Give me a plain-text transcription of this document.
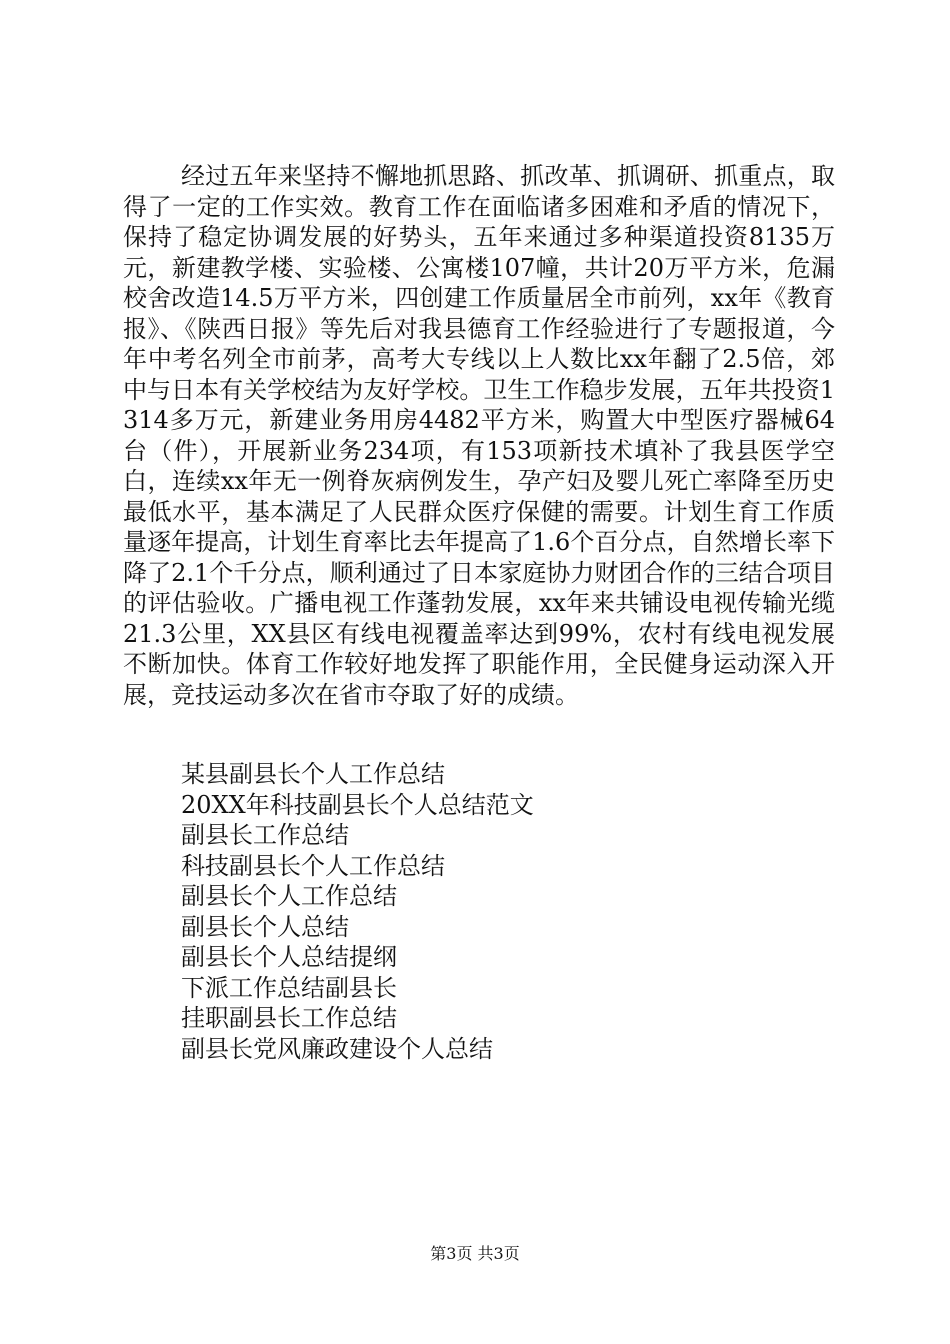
经过五年来坚持不懈地抓思路、抓改革、抓调研、抓重点，取得了一定的工作实效。教育工作在面临诸多困难和矛盾的情况下，保持了稳定协调发展的好势头，五年来通过多种渠道投资8135万元，新建教学楼、实验楼、公寓楼107幢，共计20万平方米，危漏校舍改造14.5万平方米，四创建工作质量居全市前列，xx年《教育报》、《陕西日报》等先后对我县德育工作经验进行了专题报道，今年中考名列全市前茅，高考大专线以上人数比xx年翻了2.5倍，郊中与日本有关学校结为友好学校。卫生工作稳步发展，五年共投资1314多万元，新建业务用房4482平方米，购置大中型医疗器械64台（件），开展新业务234项，有153项新技术填补了我县医学空白，连续xx年无一例脊灰病例发生，孕产妇及婴儿死亡率降至历史最低水平，基本满足了人民群众医疗保健的需要。计划生育工作质量逐年提高，计划生育率比去年提高了1.6个百分点，自然增长率下降了2.1个千分点，顺利通过了日本家庭协力财团合作的三结合项目的评估验收。广播电视工作蓬勃发展，xx年来共铺设电视传输光缆21.3公里，XX县区有线电视覆盖率达到99%，农村有线电视发展不断加快。体育工作较好地发挥了职能作用，全民健身运动深入开展，竞技运动多次在省市夺取了好的成绩。

某县副县长个人工作总结
20XX年科技副县长个人总结范文
副县长工作总结
科技副县长个人工作总结
副县长个人工作总结
副县长个人总结
副县长个人总结提纲
下派工作总结副县长
挂职副县长工作总结
副县长党风廉政建设个人总结
第3页 共3页
